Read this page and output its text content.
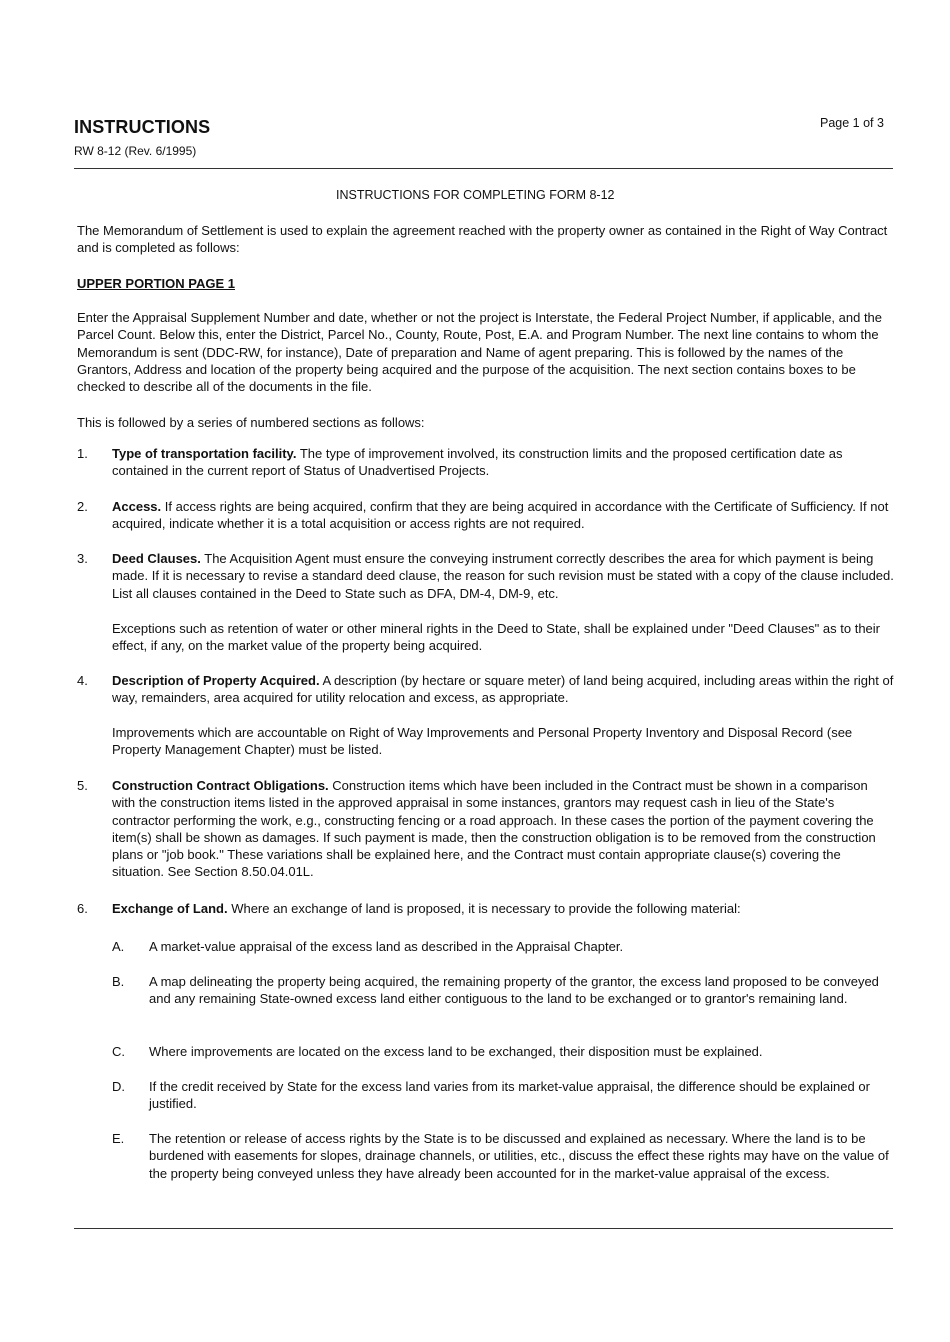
INSTRUCTIONS
RW 8-12 (Rev. 6/1995)
Page 1 of 3
INSTRUCTIONS FOR COMPLETING FORM 8-12
The Memorandum of Settlement is used to explain the agreement reached with the property owner as contained in the Right of Way Contract and is completed as follows:
UPPER PORTION PAGE 1
Enter the Appraisal Supplement Number and date, whether or not the project is Interstate, the Federal Project Number, if applicable, and the Parcel Count. Below this, enter the District, Parcel No., County, Route, Post, E.A. and Program Number. The next line contains to whom the Memorandum is sent (DDC-RW, for instance), Date of preparation and Name of agent preparing. This is followed by the names of the Grantors, Address and location of the property being acquired and the purpose of the acquisition. The next section contains boxes to be checked to describe all of the documents in the file.
This is followed by a series of numbered sections as follows:
1. Type of transportation facility. The type of improvement involved, its construction limits and the proposed certification date as contained in the current report of Status of Unadvertised Projects.
2. Access. If access rights are being acquired, confirm that they are being acquired in accordance with the Certificate of Sufficiency. If not acquired, indicate whether it is a total acquisition or access rights are not required.
3. Deed Clauses. The Acquisition Agent must ensure the conveying instrument correctly describes the area for which payment is being made. If it is necessary to revise a standard deed clause, the reason for such revision must be stated with a copy of the clause included. List all clauses contained in the Deed to State such as DFA, DM-4, DM-9, etc.
Exceptions such as retention of water or other mineral rights in the Deed to State, shall be explained under "Deed Clauses" as to their effect, if any, on the market value of the property being acquired.
4. Description of Property Acquired. A description (by hectare or square meter) of land being acquired, including areas within the right of way, remainders, area acquired for utility relocation and excess, as appropriate.
Improvements which are accountable on Right of Way Improvements and Personal Property Inventory and Disposal Record (see Property Management Chapter) must be listed.
5. Construction Contract Obligations. Construction items which have been included in the Contract must be shown in a comparison with the construction items listed in the approved appraisal in some instances, grantors may request cash in lieu of the State's contractor performing the work, e.g., constructing fencing or a road approach. In these cases the portion of the payment covering the item(s) shall be shown as damages. If such payment is made, then the construction obligation is to be removed from the construction plans or "job book." These variations shall be explained here, and the Contract must contain appropriate clause(s) covering the situation. See Section 8.50.04.01L.
6. Exchange of Land. Where an exchange of land is proposed, it is necessary to provide the following material:
A. A market-value appraisal of the excess land as described in the Appraisal Chapter.
B. A map delineating the property being acquired, the remaining property of the grantor, the excess land proposed to be conveyed and any remaining State-owned excess land either contiguous to the land to be exchanged or to grantor's remaining land.
C. Where improvements are located on the excess land to be exchanged, their disposition must be explained.
D. If the credit received by State for the excess land varies from its market-value appraisal, the difference should be explained or justified.
E. The retention or release of access rights by the State is to be discussed and explained as necessary. Where the land is to be burdened with easements for slopes, drainage channels, or utilities, etc., discuss the effect these rights may have on the value of the property being conveyed unless they have already been accounted for in the market-value appraisal of the excess.
